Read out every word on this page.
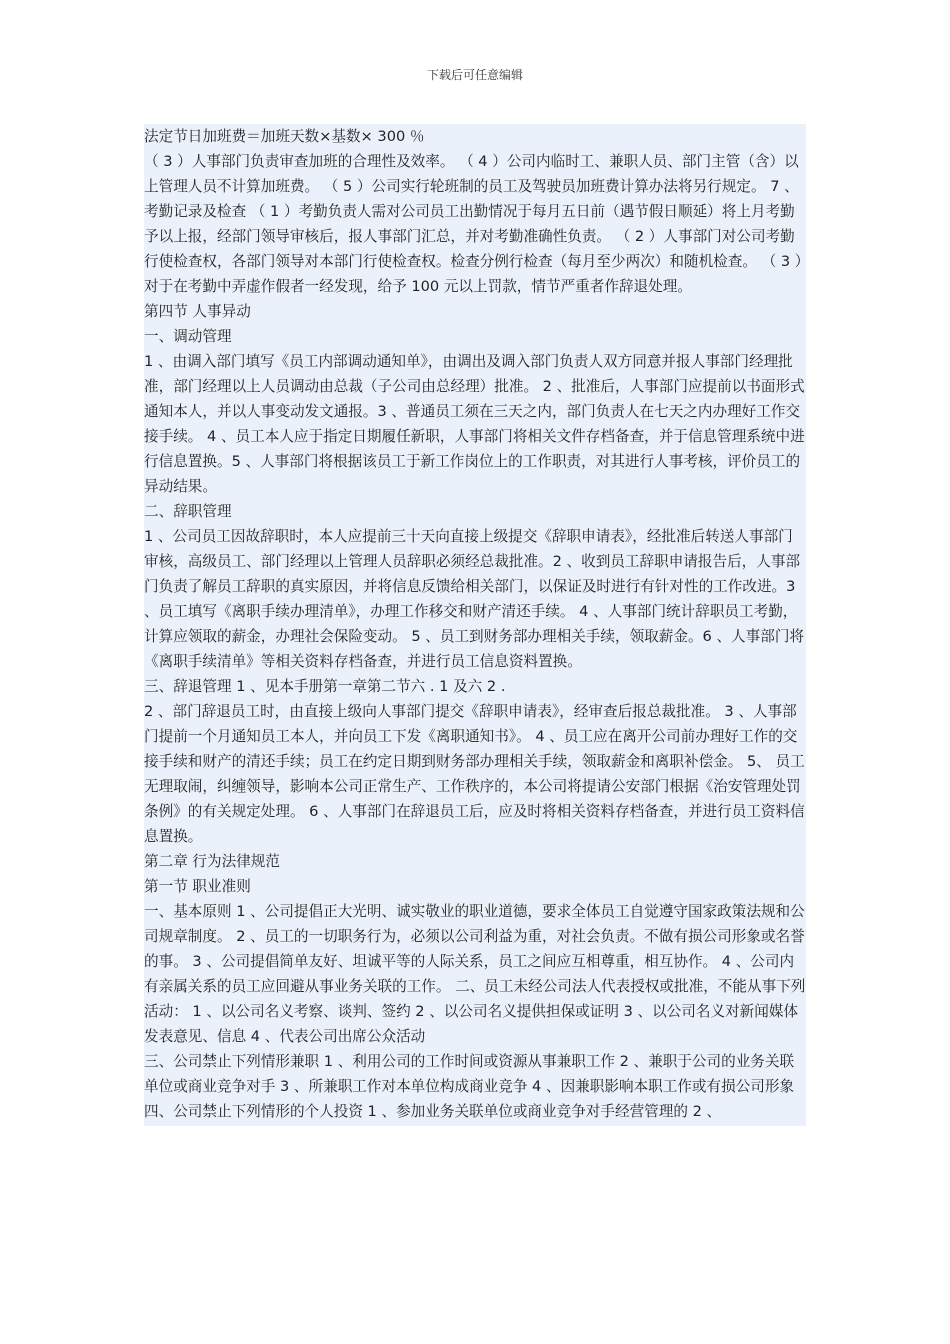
下载后可任意编辑

法定节日加班费＝加班天数×基数× 300 ％

（ 3 ）人事部门负责审查加班的合理性及效率。 （ 4 ）公司内临时工、兼职人员、部门主管（含）以上管理人员不计算加班费。 （ 5 ）公司实行轮班制的员工及驾驶员加班费计算办法将另行规定。 7 、考勤记录及检查 （ 1 ）考勤负责人需对公司员工出勤情况于每月五日前（遇节假日顺延）将上月考勤予以上报，经部门领导审核后，报人事部门汇总，并对考勤准确性负责。 （ 2 ）人事部门对公司考勤行使检查权，各部门领导对本部门行使检查权。检查分例行检查（每月至少两次）和随机检查。 （ 3 ）对于在考勤中弄虚作假者一经发现，给予 100 元以上罚款，情节严重者作辞退处理。

第四节 人事异动

一、调动管理

1 、由调入部门填写《员工内部调动通知单》，由调出及调入部门负责人双方同意并报人事部门经理批准，部门经理以上人员调动由总裁（子公司由总经理）批准。 2 、批准后，人事部门应提前以书面形式通知本人，并以人事变动发文通报。3 、普通员工须在三天之内，部门负责人在七天之内办理好工作交接手续。 4 、员工本人应于指定日期履任新职，人事部门将相关文件存档备查，并于信息管理系统中进行信息置换。5 、人事部门将根据该员工于新工作岗位上的工作职责，对其进行人事考核，评价员工的异动结果。

二、辞职管理

1 、公司员工因故辞职时，本人应提前三十天向直接上级提交《辞职申请表》，经批准后转送人事部门审核，高级员工、部门经理以上管理人员辞职必须经总裁批准。2 、收到员工辞职申请报告后，人事部门负责了解员工辞职的真实原因，并将信息反馈给相关部门，以保证及时进行有针对性的工作改进。3 、员工填写《离职手续办理清单》，办理工作移交和财产清还手续。 4 、人事部门统计辞职员工考勤，计算应领取的薪金，办理社会保险变动。 5 、员工到财务部办理相关手续，领取薪金。6 、人事部门将《离职手续清单》等相关资料存档备查，并进行员工信息资料置换。

三、辞退管理 1 、见本手册第一章第二节六 . 1 及六 2 .

2 、部门辞退员工时，由直接上级向人事部门提交《辞职申请表》，经审查后报总裁批准。 3 、人事部门提前一个月通知员工本人，并向员工下发《离职通知书》。 4 、员工应在离开公司前办理好工作的交接手续和财产的清还手续；员工在约定日期到财务部办理相关手续，领取薪金和离职补偿金。 5、 员工无理取闹，纠缠领导，影响本公司正常生产、工作秩序的，本公司将提请公安部门根据《治安管理处罚条例》的有关规定处理。 6 、人事部门在辞退员工后，应及时将相关资料存档备查，并进行员工资料信息置换。

第二章 行为法律规范

第一节 职业准则

一、基本原则 1 、公司提倡正大光明、诚实敬业的职业道德，要求全体员工自觉遵守国家政策法规和公司规章制度。 2 、员工的一切职务行为，必须以公司利益为重，对社会负责。不做有损公司形象或名誉的事。 3 、公司提倡简单友好、坦诚平等的人际关系，员工之间应互相尊重，相互协作。 4 、公司内有亲属关系的员工应回避从事业务关联的工作。 二、员工未经公司法人代表授权或批准，不能从事下列活动： 1 、以公司名义考察、谈判、签约 2 、以公司名义提供担保或证明 3 、以公司名义对新闻媒体发表意见、信息 4 、代表公司出席公众活动

三、公司禁止下列情形兼职 1 、利用公司的工作时间或资源从事兼职工作 2 、兼职于公司的业务关联单位或商业竞争对手 3 、所兼职工作对本单位构成商业竞争 4 、因兼职影响本职工作或有损公司形象

四、公司禁止下列情形的个人投资 1 、参加业务关联单位或商业竞争对手经营管理的 2 、
